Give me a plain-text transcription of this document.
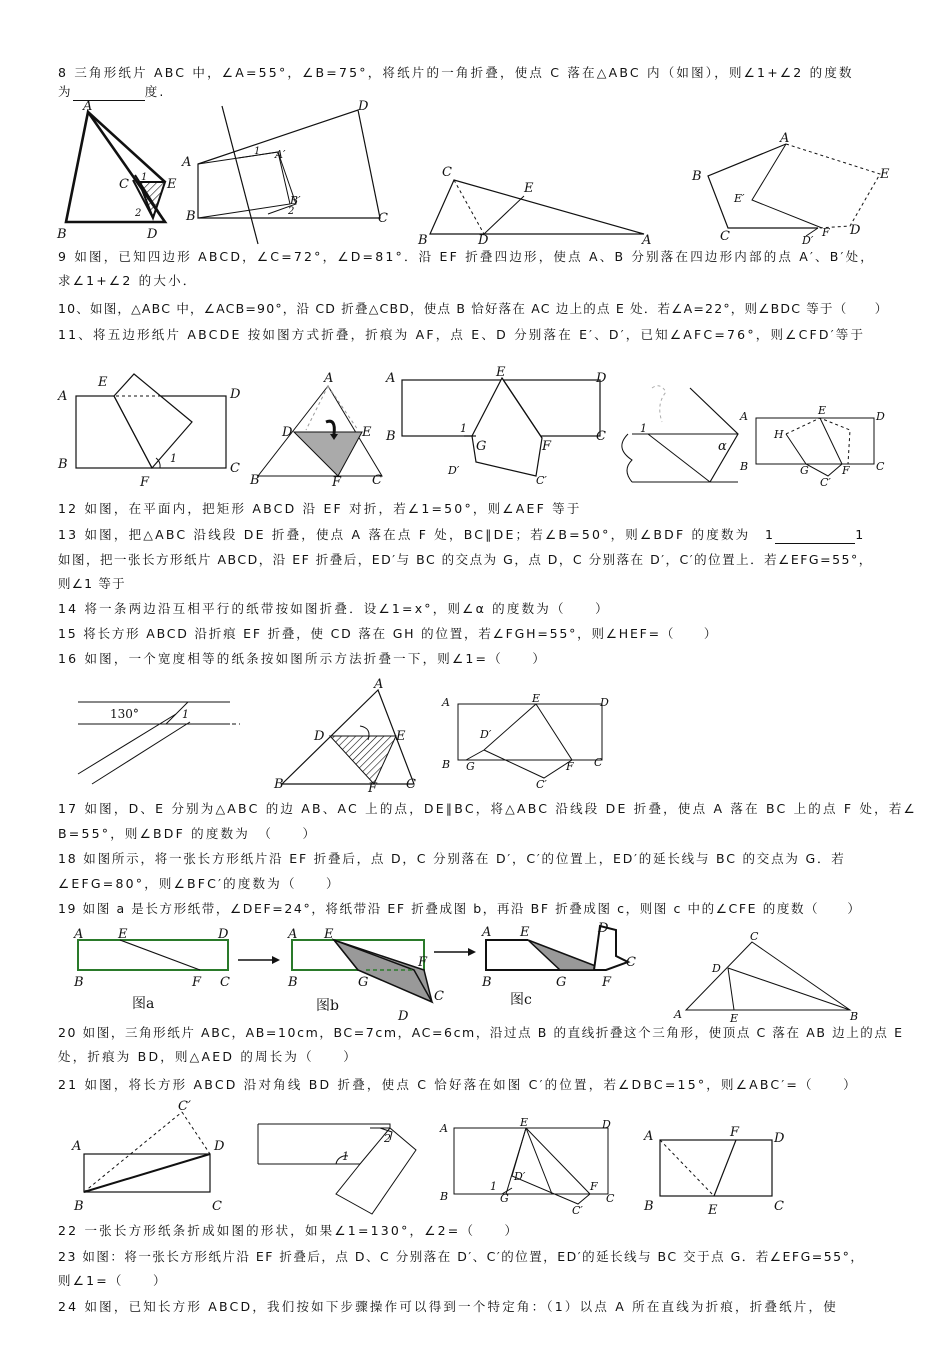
8 三角形纸片 ABC 中，∠A=55°，∠B=75°，将纸片的一角折叠，使点 C 落在△ABC 内（如图），则∠1+∠2 的度数
为	度.
A
B
E
D
C 1
2
A
A′
D
B
B′
C
1
2
C
E
B	D	A
A
B	E
E′
C	F
D′
D
9 如图，已知四边形 ABCD，∠C=72°，∠D=81°．沿 EF 折叠四边形，使点 A、B 分别落在四边形内部的点 A′、B′处，
求∠1+∠2 的大小．
10、如图，△ABC 中，∠ACB=90°，沿 CD 折叠△CBD，使点 B 恰好落在 AC 边上的点 E 处．若∠A=22°，则∠BDC 等于（　　）
11、将五边形纸片 ABCDE 按如图方式折叠，折痕为 AF，点 E、D 分别落在 E′、D′，已知∠AFC=76°，则∠CFD′等于
A
E
D
B	C
F
1
A
D	E
B	F C
A	E	D
B	C
G	F
D′
C′
1	1
α
A	E	D
H
B	G	F C
C′
12 如图，在平面内，把矩形 ABCD 沿 EF 对折，若∠1=50°，则∠AEF 等于
13 如图，把△ABC 沿线段 DE 折叠，使点 A 落在点 F 处，BC∥DE；若∠B=50°，则∠BDF 的度数为　 1	1
如图，把一张长方形纸片 ABCD，沿 EF 折叠后，ED′与 BC 的交点为 G，点 D，C 分别落在 D′，C′的位置上．若∠EFG=55°，
则∠1 等于
14 将一条两边沿互相平行的纸带按如图折叠．设∠1=x°，则∠α 的度数为（　　）
15 将长方形 ABCD 沿折痕 EF 折叠，使 CD 落在 GH 的位置，若∠FGH=55°，则∠HEF=（　　）
16 如图，一个宽度相等的纸条按如图所示方法折叠一下，则∠1=（　　）
130°	1
A
D	E
B	F C
A	E	D
D′
B G	F C
C′
17 如图，D、E 分别为△ABC 的边 AB、AC 上的点，DE∥BC，将△ABC 沿线段 DE 折叠，使点 A 落在 BC 上的点 F 处，若∠
B=55°，则∠BDF 的度数为　（　　）
18 如图所示，将一张长方形纸片沿 EF 折叠后，点 D，C 分别落在 D′，C′的位置上，ED′的延长线与 BC 的交点为 G．若
∠EFG=80°，则∠BFC′的度数为（　　）
19 如图 a 是长方形纸带，∠DEF=24°，将纸带沿 EF 折叠成图 b，再沿 BF 折叠成图 c，则图 c 中的∠CFE 的度数（　　）
A	E	D
B	F C
图a
A E
F
B	G
C
D
图b
A E	D
C
B	G	F
图c
C
D
A	E	B
20 如图，三角形纸片 ABC，AB=10cm，BC=7cm，AC=6cm，沿过点 B 的直线折叠这个三角形，使顶点 C 落在 AB 边上的点 E
处，折痕为 BD，则△AED 的周长为（　　）
21 如图，将长方形 ABCD 沿对角线 BD 折叠，使点 C 恰好落在如图 C′的位置，若∠DBC=15°，则∠ABC′=（　　）
C′
A	D
B	C
1
2
A	E	D
D′
B	G
F
C
C′
1
A	F	D
B	E	C
22 一张长方形纸条折成如图的形状，如果∠1=130°，∠2=（　　）
23 如图：将一张长方形纸片沿 EF 折叠后，点 D、C 分别落在 D′、C′的位置，ED′的延长线与 BC 交于点 G．若∠EFG=55°，
则∠1=（　　）
24 如图，已知长方形 ABCD，我们按如下步骤操作可以得到一个特定角：（1）以点 A 所在直线为折痕，折叠纸片，使
